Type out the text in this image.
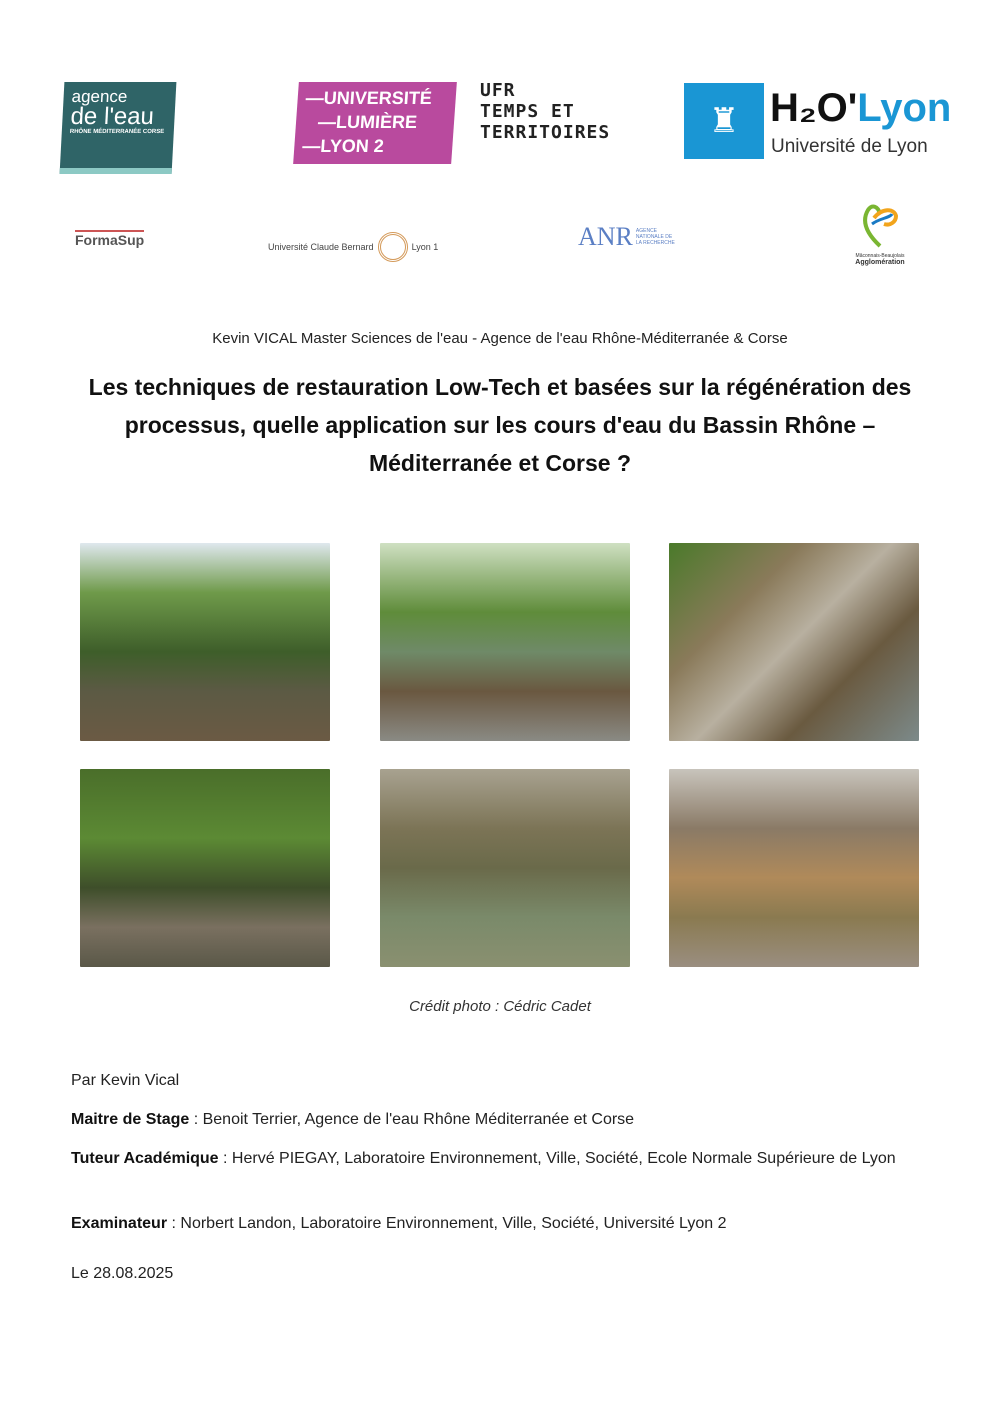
agence
de l'eau
RHÔNE MÉDITERRANÉE CORSE
—UNIVERSITÉ
—LUMIÈRE
—LYON 2
UFR
TEMPS ET
TERRITOIRES	♜ H₂O'Lyon
Université de Lyon
FormaSup	Université Claude Bernard	Lyon 1	ANR AGENCE NATIONALE DE LA RECHERCHE
Mâconnais-Beaujolais
Agglomération
Kevin VICAL Master Sciences de l'eau - Agence de l'eau Rhône-Méditerranée & Corse
Les techniques de restauration Low-Tech et basées sur la régénération des processus, quelle application sur les cours d'eau du Bassin Rhône – Méditerranée et Corse ?
Crédit photo : Cédric Cadet
Par Kevin Vical
Maitre de Stage : Benoit Terrier, Agence de l'eau Rhône Méditerranée et Corse
Tuteur Académique : Hervé PIEGAY, Laboratoire Environnement, Ville, Société, Ecole Normale Supérieure de Lyon
Examinateur : Norbert Landon, Laboratoire Environnement, Ville, Société, Université Lyon 2
Le 28.08.2025
